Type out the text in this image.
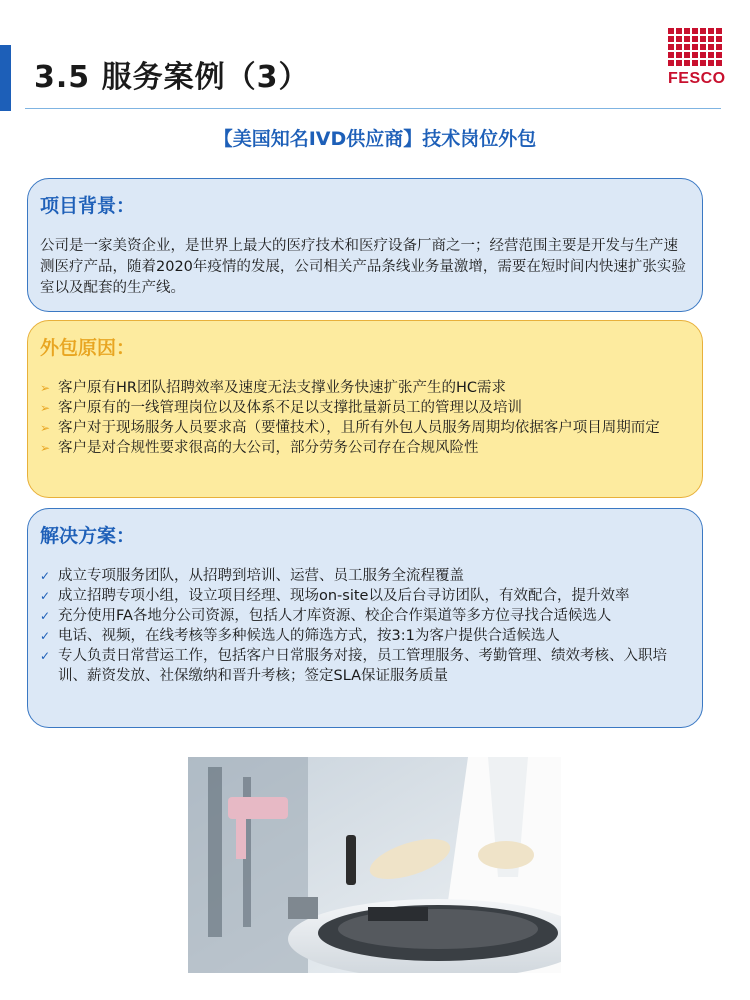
3.5 服务案例（3）	FESCO
【美国知名IVD供应商】技术岗位外包
项目背景：
公司是一家美资企业，是世界上最大的医疗技术和医疗设备厂商之一；经营范围主要是开发与生产速测医疗产品，随着2020年疫情的发展，公司相关产品条线业务量激增，需要在短时间内快速扩张实验室以及配套的生产线。
外包原因：
➢ 客户原有HR团队招聘效率及速度无法支撑业务快速扩张产生的HC需求
➢ 客户原有的一线管理岗位以及体系不足以支撑批量新员工的管理以及培训
➢ 客户对于现场服务人员要求高（要懂技术），且所有外包人员服务周期均依据客户项目周期而定
➢ 客户是对合规性要求很高的大公司，部分劳务公司存在合规风险性
解决方案：
✓ 成立专项服务团队，从招聘到培训、运营、员工服务全流程覆盖
✓ 成立招聘专项小组，设立项目经理、现场on-site以及后台寻访团队，有效配合，提升效率
✓ 充分使用FA各地分公司资源，包括人才库资源、校企合作渠道等多方位寻找合适候选人
✓ 电话、视频，在线考核等多种候选人的筛选方式，按3:1为客户提供合适候选人
✓ 专人负责日常营运工作，包括客户日常服务对接，员工管理服务、考勤管理、绩效考核、入职培训、薪资发放、社保缴纳和晋升考核；签定SLA保证服务质量
